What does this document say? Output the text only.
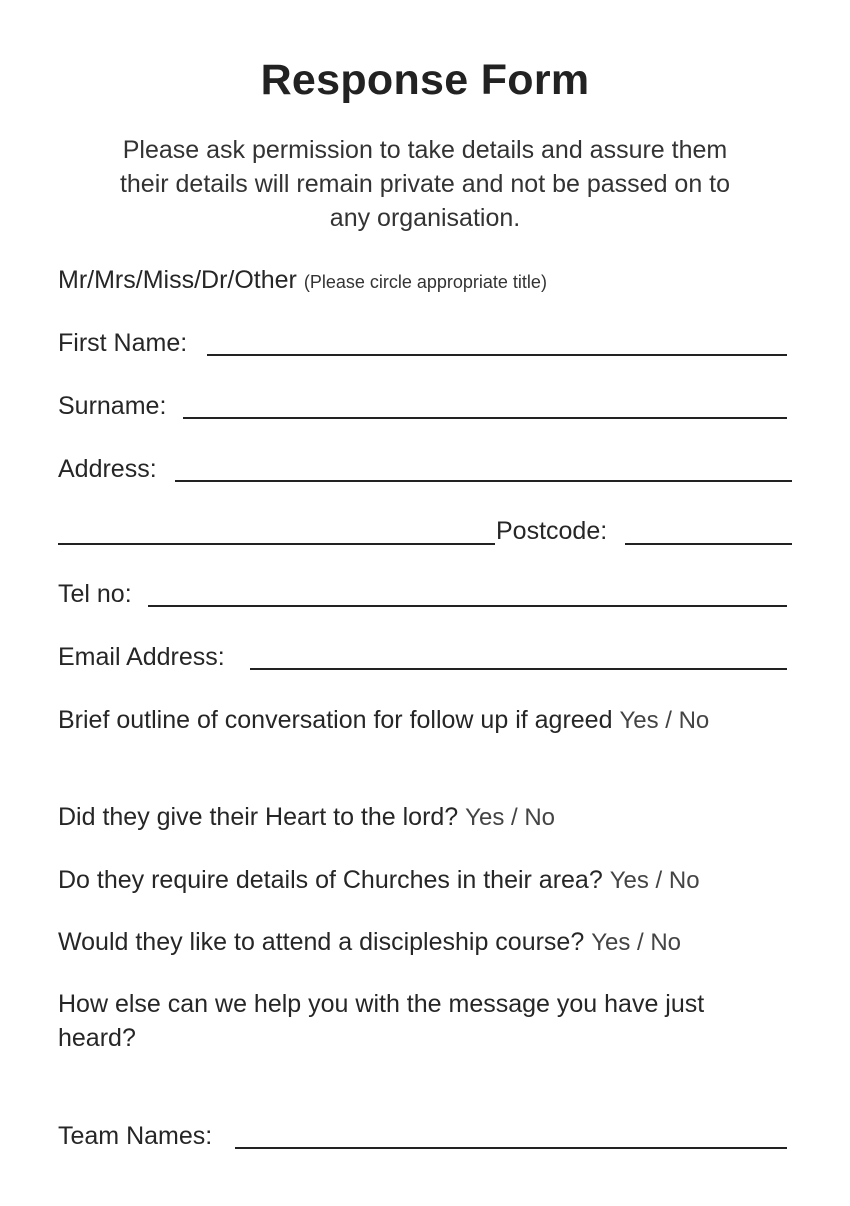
Response Form
Please ask permission to take details and assure them their details will remain private and not be passed on to any organisation.
Mr/Mrs/Miss/Dr/Other (Please circle appropriate title)
First Name:
Surname:
Address:
Postcode:
Tel no:
Email Address:
Brief outline of conversation for follow up if agreed Yes / No
Did they give their Heart to the lord? Yes / No
Do they require details of Churches in their area? Yes / No
Would they like to attend a discipleship course? Yes / No
How else can we help you with the message you have just heard?
Team Names:
